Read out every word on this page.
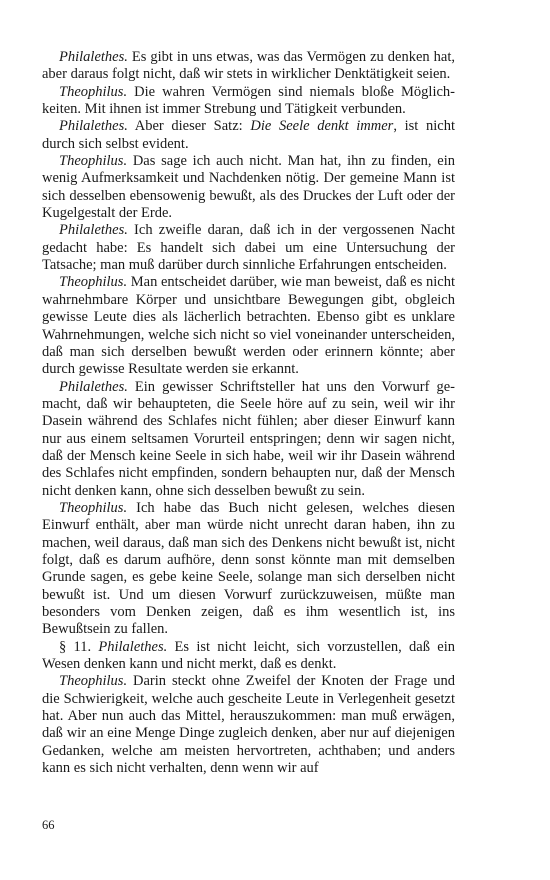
Philalethes. Es gibt in uns etwas, was das Vermögen zu denken hat, aber daraus folgt nicht, daß wir stets in wirklicher Denktätigkeit seien.

Theophilus. Die wahren Vermögen sind niemals bloße Möglichkeiten. Mit ihnen ist immer Strebung und Tätigkeit verbunden.

Philalethes. Aber dieser Satz: Die Seele denkt immer, ist nicht durch sich selbst evident.

Theophilus. Das sage ich auch nicht. Man hat, ihn zu finden, ein wenig Aufmerksamkeit und Nachdenken nötig. Der gemeine Mann ist sich desselben ebensowenig bewußt, als des Druckes der Luft oder der Kugelgestalt der Erde.

Philalethes. Ich zweifle daran, daß ich in der vergossenen Nacht gedacht habe: Es handelt sich dabei um eine Untersuchung der Tatsache; man muß darüber durch sinnliche Erfahrungen entscheiden.

Theophilus. Man entscheidet darüber, wie man beweist, daß es nicht wahrnehmbare Körper und unsichtbare Bewegungen gibt, obgleich gewisse Leute dies als lächerlich betrachten. Ebenso gibt es unklare Wahrnehmungen, welche sich nicht so viel voneinander unterscheiden, daß man sich derselben bewußt werden oder erinnern könnte; aber durch gewisse Resultate werden sie erkannt.

Philalethes. Ein gewisser Schriftsteller hat uns den Vorwurf gemacht, daß wir behaupteten, die Seele höre auf zu sein, weil wir ihr Dasein während des Schlafes nicht fühlen; aber dieser Einwurf kann nur aus einem seltsamen Vorurteil entspringen; denn wir sagen nicht, daß der Mensch keine Seele in sich habe, weil wir ihr Dasein während des Schlafes nicht empfinden, sondern behaupten nur, daß der Mensch nicht denken kann, ohne sich desselben bewußt zu sein.

Theophilus. Ich habe das Buch nicht gelesen, welches diesen Einwurf enthält, aber man würde nicht unrecht daran haben, ihn zu machen, weil daraus, daß man sich des Denkens nicht bewußt ist, nicht folgt, daß es darum aufhöre, denn sonst könnte man mit demselben Grunde sagen, es gebe keine Seele, solange man sich derselben nicht bewußt ist. Und um diesen Vorwurf zurückzuweisen, müßte man besonders vom Denken zeigen, daß es ihm wesentlich ist, ins Bewußtsein zu fallen.

§ 11. Philalethes. Es ist nicht leicht, sich vorzustellen, daß ein Wesen denken kann und nicht merkt, daß es denkt.

Theophilus. Darin steckt ohne Zweifel der Knoten der Frage und die Schwierigkeit, welche auch gescheite Leute in Verlegenheit gesetzt hat. Aber nun auch das Mittel, herauszukommen: man muß erwägen, daß wir an eine Menge Dinge zugleich denken, aber nur auf diejenigen Gedanken, welche am meisten hervortreten, achthaben; und anders kann es sich nicht verhalten, denn wenn wir auf

66
